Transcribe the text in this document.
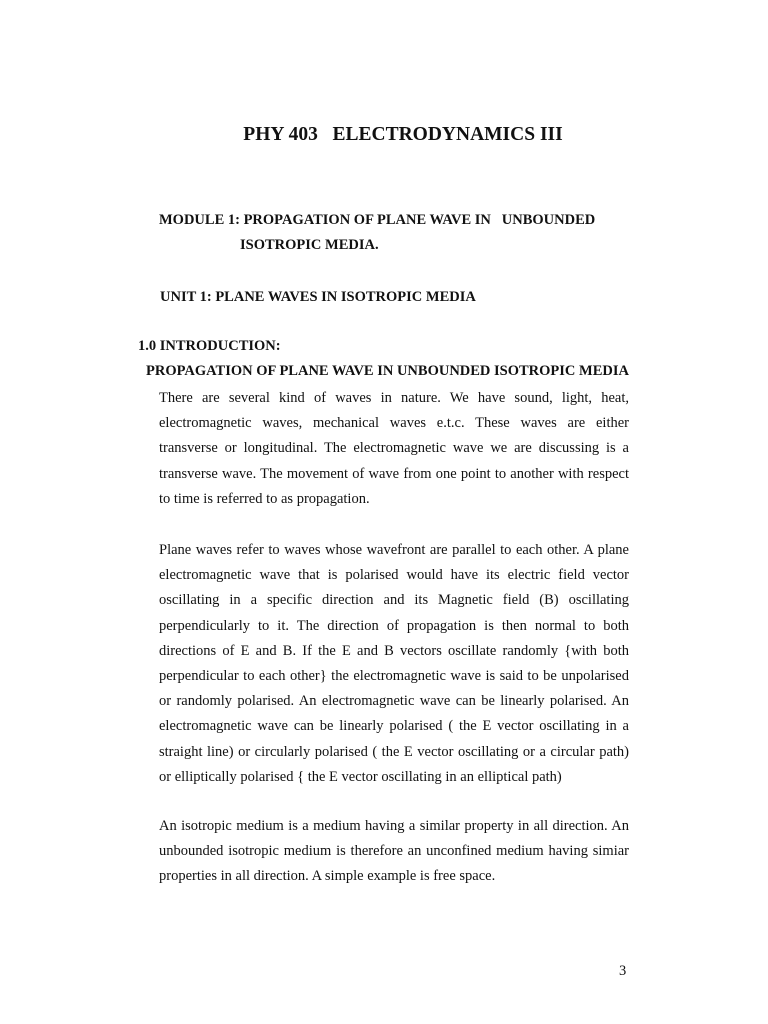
PHY 403   ELECTRODYNAMICS III
MODULE 1: PROPAGATION OF PLANE WAVE IN   UNBOUNDED
ISOTROPIC MEDIA.
UNIT 1: PLANE WAVES IN ISOTROPIC MEDIA
1.0 INTRODUCTION:
PROPAGATION OF PLANE WAVE IN UNBOUNDED ISOTROPIC MEDIA

There are several kind of waves in nature. We have sound, light, heat, electromagnetic waves, mechanical waves e.t.c. These waves are either transverse or longitudinal. The electromagnetic wave we are discussing is a transverse wave. The movement of wave from one point to another with respect to time is referred to as propagation.

Plane waves refer to waves whose wavefront are parallel to each other. A plane electromagnetic wave that is polarised would have its electric field vector oscillating in a specific direction and its Magnetic field (B) oscillating perpendicularly to it. The direction of propagation is then normal to both directions of E and B. If the E and B vectors oscillate randomly {with both perpendicular to each other} the electromagnetic wave is said to be unpolarised or randomly polarised. An electromagnetic wave can be linearly polarised. An electromagnetic wave can be linearly polarised ( the E vector oscillating in a straight line) or circularly polarised ( the E vector oscillating or a circular path) or elliptically polarised { the E vector oscillating in an elliptical path)

An isotropic medium is a medium having a similar property in all direction. An unbounded isotropic medium is therefore an unconfined medium having simiar properties in all direction. A simple example is free space.

3
